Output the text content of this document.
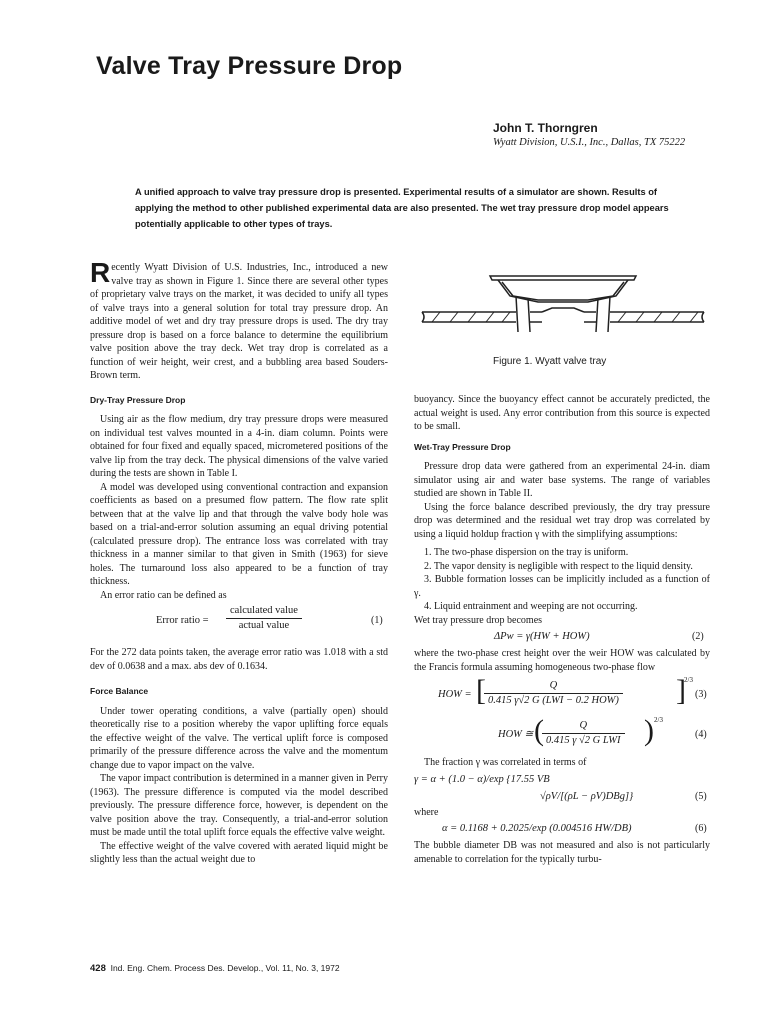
Valve Tray Pressure Drop
John T. Thorngren
Wyatt Division, U.S.I., Inc., Dallas, TX 75222
A unified approach to valve tray pressure drop is presented. Experimental results of a simulator are shown. Results of applying the method to other published experimental data are also presented. The wet tray pressure drop model appears potentially applicable to other types of trays.

Recently Wyatt Division of U.S. Industries, Inc., introduced a new valve tray as shown in Figure 1. Since there are several other types of proprietary valve trays on the market, it was decided to unify all types of valve trays into a general solution for total tray pressure drop. An additive model of wet and dry tray pressure drops is used. The dry tray pressure drop is based on a force balance to determine the equilibrium valve position above the tray deck. Wet tray drop is correlated as a function of weir height, weir crest, and a bubbling area based Souders-Brown term.

Dry-Tray Pressure Drop

Using air as the flow medium, dry tray pressure drops were measured on individual test valves mounted in a 4-in. diam column. Points were obtained for four fixed and equally spaced, micrometered positions of the valve lip from the tray deck. The physical dimensions of the valve varied during the tests are shown in Table I.

A model was developed using conventional contraction and expansion coefficients as based on a presumed flow pattern. The flow rate split between that at the valve lip and that through the valve body hole was based on a trial-and-error solution assuming an equal driving potential (calculated pressure drop). The entrance loss was correlated with tray thickness in a manner similar to that given in Smith (1963) for sieve holes. The turnaround loss also appeared to be a function of tray thickness.

An error ratio can be defined as

Error ratio =
calculated value
actual value	(1)

For the 272 data points taken, the average error ratio was 1.018 with a std dev of 0.0638 and a max. abs dev of 0.1634.

Force Balance

Under tower operating conditions, a valve (partially open) should theoretically rise to a position whereby the vapor uplifting force equals the effective weight of the valve. The vertical uplift force is composed primarily of the pressure difference across the valve and the momentum change due to vapor impact on the valve.

The vapor impact contribution is determined in a manner given in Perry (1963). The pressure difference is computed via the model described previously. The pressure difference force, however, is dependent on the valve position above the tray. Consequently, a trial-and-error solution must be made until the total uplift force equals the effective valve weight.

The effective weight of the valve covered with aerated liquid might be slightly less than the actual weight due to

Figure 1. Wyatt valve tray

buoyancy. Since the buoyancy effect cannot be accurately predicted, the actual weight is used. Any error contribution from this source is expected to be small.

Wet-Tray Pressure Drop

Pressure drop data were gathered from an experimental 24-in. diam simulator using air and water base systems. The range of variables studied are shown in Table II.

Using the force balance described previously, the dry tray pressure drop was determined and the residual wet tray drop was correlated by using a liquid holdup fraction γ with the simplifying assumptions:

1. The two-phase dispersion on the tray is uniform.
2. The vapor density is negligible with respect to the liquid density.
3. Bubble formation losses can be implicitly included as a function of γ.
4. Liquid entrainment and weeping are not occurring.

Wet tray pressure drop becomes

ΔPw = γ(HW + HOW)	(2)

where the two-phase crest height over the weir HOW was calculated by the Francis formula assuming homogeneous two-phase flow

HOW = [	Q
0.415 γ√2 G (LWI − 0.2 HOW) ]
2/3
(3)
HOW ≅ (	Q
0.415 γ √2 G LWI ) 2/3
(4)

The fraction γ was correlated in terms of

γ = α + (1.0 − α)/exp {17.55 VB
√ρV/[(ρL − ρV)DBg]}	(5)

where

α = 0.1168 + 0.2025/exp (0.004516 HW/DB)	(6)

The bubble diameter DB was not measured and also is not particularly amenable to correlation for the typically turbu-

428 Ind. Eng. Chem. Process Des. Develop., Vol. 11, No. 3, 1972
